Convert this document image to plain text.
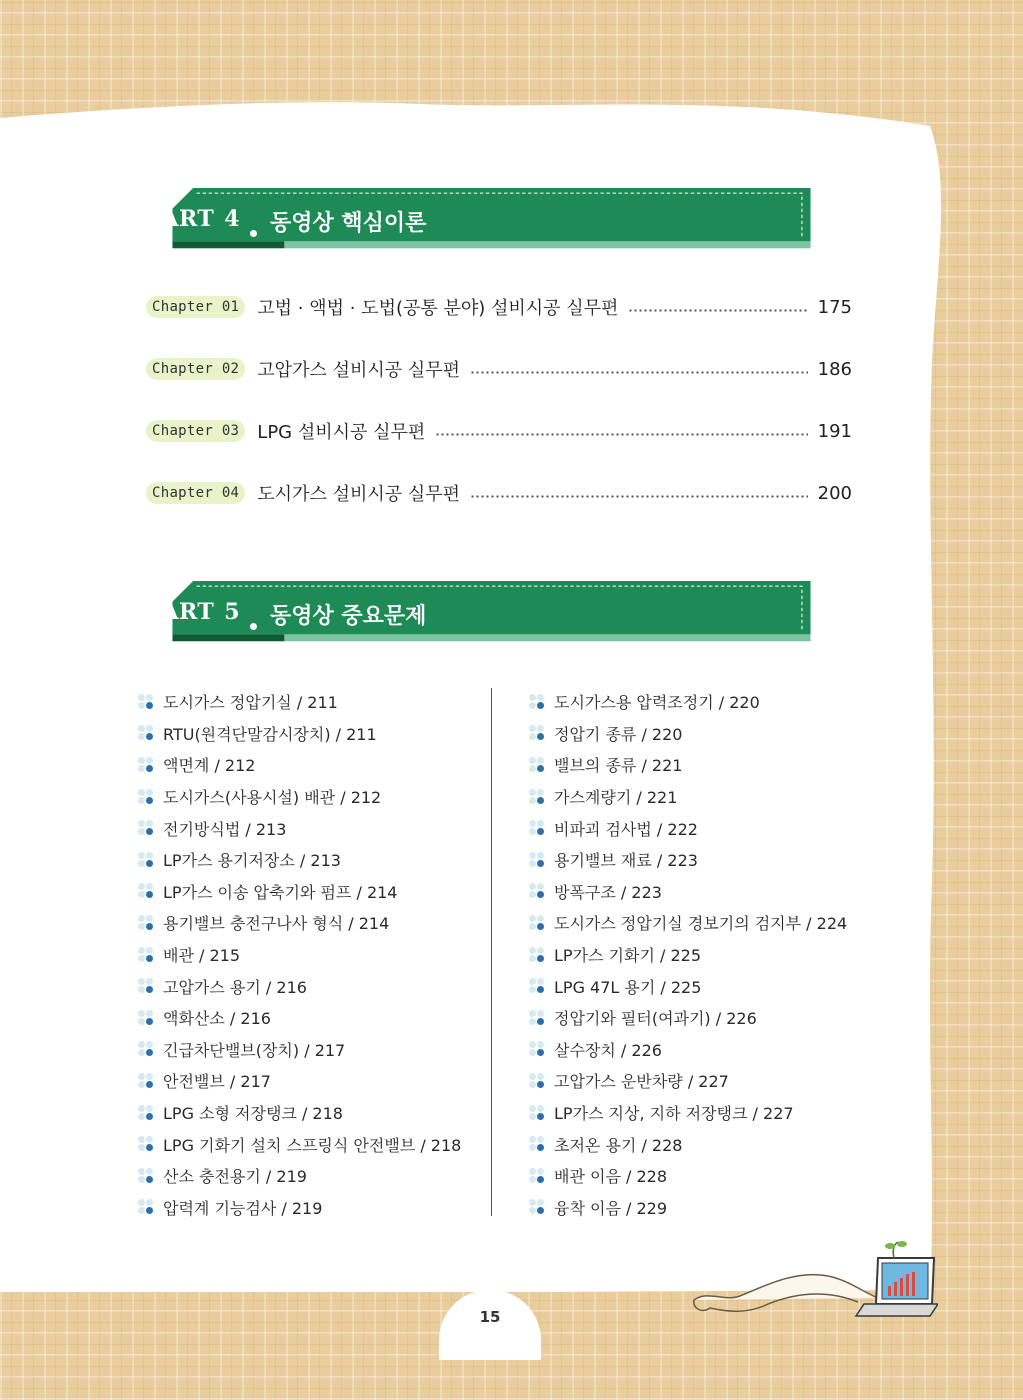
PART 4 동영상 핵심이론
Chapter 01	고법 · 액법 · 도법(공통 분야) 설비시공 실무편	175
Chapter 02	고압가스 설비시공 실무편	186
Chapter 03	LPG 설비시공 실무편	191
Chapter 04	도시가스 설비시공 실무편	200
PART 5 동영상 중요문제
도시가스 정압기실 / 211
RTU(원격단말감시장치) / 211
액면계 / 212
도시가스(사용시설) 배관 / 212
전기방식법 / 213
LP가스 용기저장소 / 213
LP가스 이송 압축기와 펌프 / 214
용기밸브 충전구나사 형식 / 214
배관 / 215
고압가스 용기 / 216
액화산소 / 216
긴급차단밸브(장치) / 217
안전밸브 / 217
LPG 소형 저장탱크 / 218
LPG 기화기 설치 스프링식 안전밸브 / 218
산소 충전용기 / 219
압력계 기능검사 / 219
도시가스용 압력조정기 / 220
정압기 종류 / 220
밸브의 종류 / 221
가스계량기 / 221
비파괴 검사법 / 222
용기밸브 재료 / 223
방폭구조 / 223
도시가스 정압기실 경보기의 검지부 / 224
LP가스 기화기 / 225
LPG 47L 용기 / 225
정압기와 필터(여과기) / 226
살수장치 / 226
고압가스 운반차량 / 227
LP가스 지상, 지하 저장탱크 / 227
초저온 용기 / 228
배관 이음 / 228
융착 이음 / 229
15
